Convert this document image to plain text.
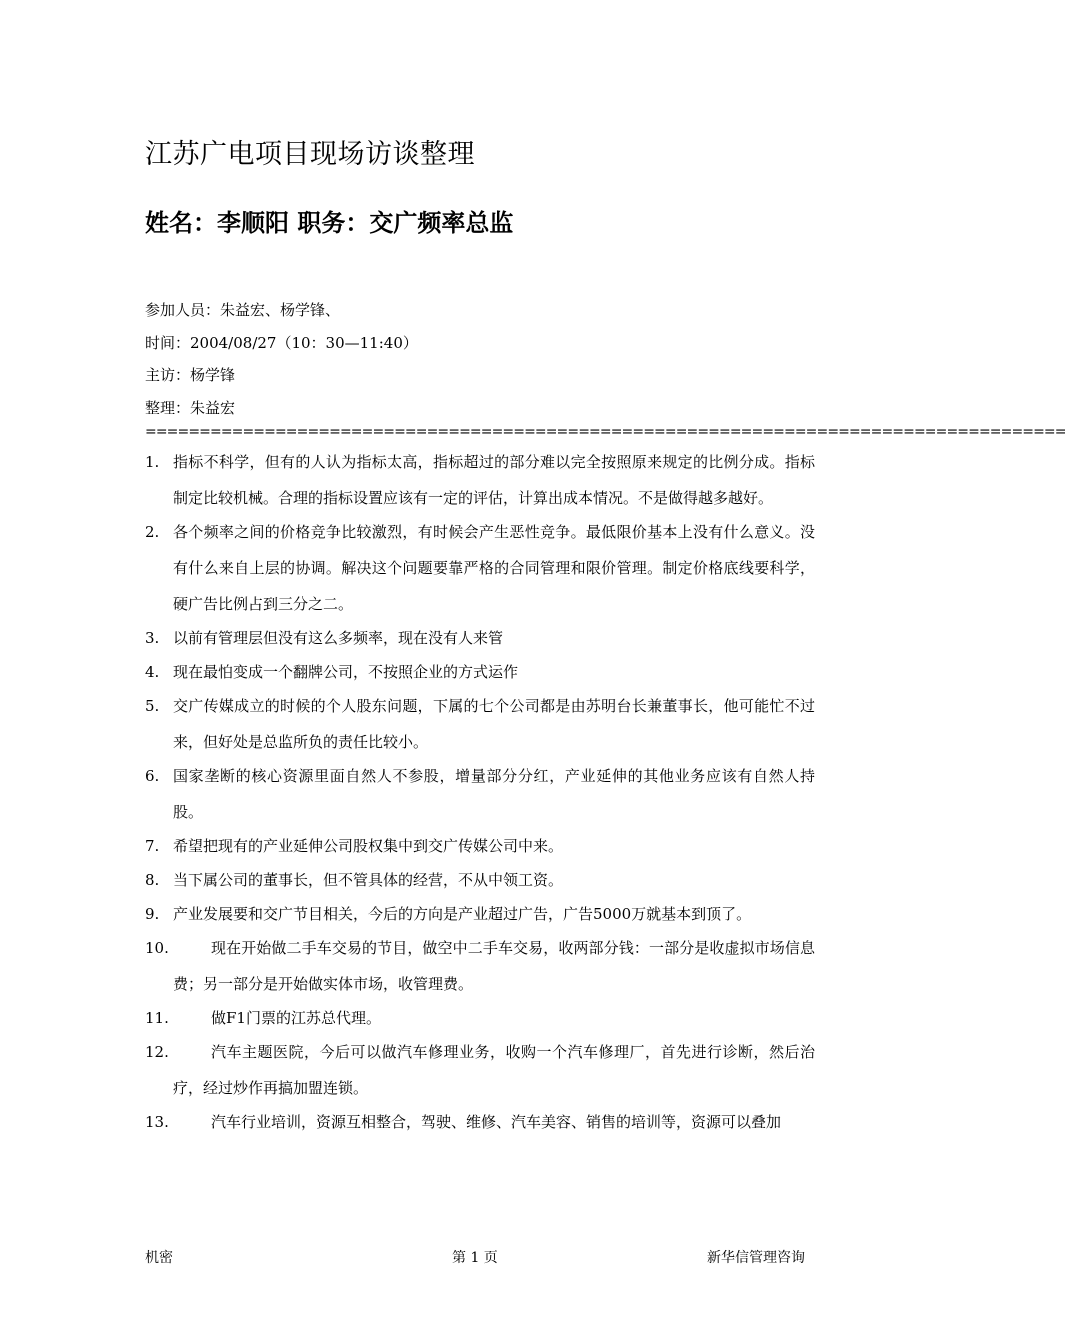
江苏广电项目现场访谈整理
姓名：李顺阳 职务：交广频率总监
参加人员：朱益宏、杨学锋、
时间：2004/08/27（10：30—11:40）
主访：杨学锋
整理：朱益宏
=====================================================================================
1. 指标不科学，但有的人认为指标太高，指标超过的部分难以完全按照原来规定的比例分成。指标制定比较机械。合理的指标设置应该有一定的评估，计算出成本情况。不是做得越多越好。
2. 各个频率之间的价格竞争比较激烈，有时候会产生恶性竞争。最低限价基本上没有什么意义。没有什么来自上层的协调。解决这个问题要靠严格的合同管理和限价管理。制定价格底线要科学，硬广告比例占到三分之二。
3. 以前有管理层但没有这么多频率，现在没有人来管
4. 现在最怕变成一个翻牌公司，不按照企业的方式运作
5. 交广传媒成立的时候的个人股东问题，下属的七个公司都是由苏明台长兼董事长，他可能忙不过来，但好处是总监所负的责任比较小。
6. 国家垄断的核心资源里面自然人不参股，增量部分分红，产业延伸的其他业务应该有自然人持股。
7. 希望把现有的产业延伸公司股权集中到交广传媒公司中来。
8. 当下属公司的董事长，但不管具体的经营，不从中领工资。
9. 产业发展要和交广节目相关，今后的方向是产业超过广告，广告5000万就基本到顶了。
10.	现在开始做二手车交易的节目，做空中二手车交易，收两部分钱：一部分是收虚拟市场信息费；另一部分是开始做实体市场，收管理费。
11.	做F1门票的江苏总代理。
12.	汽车主题医院，今后可以做汽车修理业务，收购一个汽车修理厂，首先进行诊断，然后治疗，经过炒作再搞加盟连锁。
13.	汽车行业培训，资源互相整合，驾驶、维修、汽车美容、销售的培训等，资源可以叠加
机密	第 1 页	新华信管理咨询
